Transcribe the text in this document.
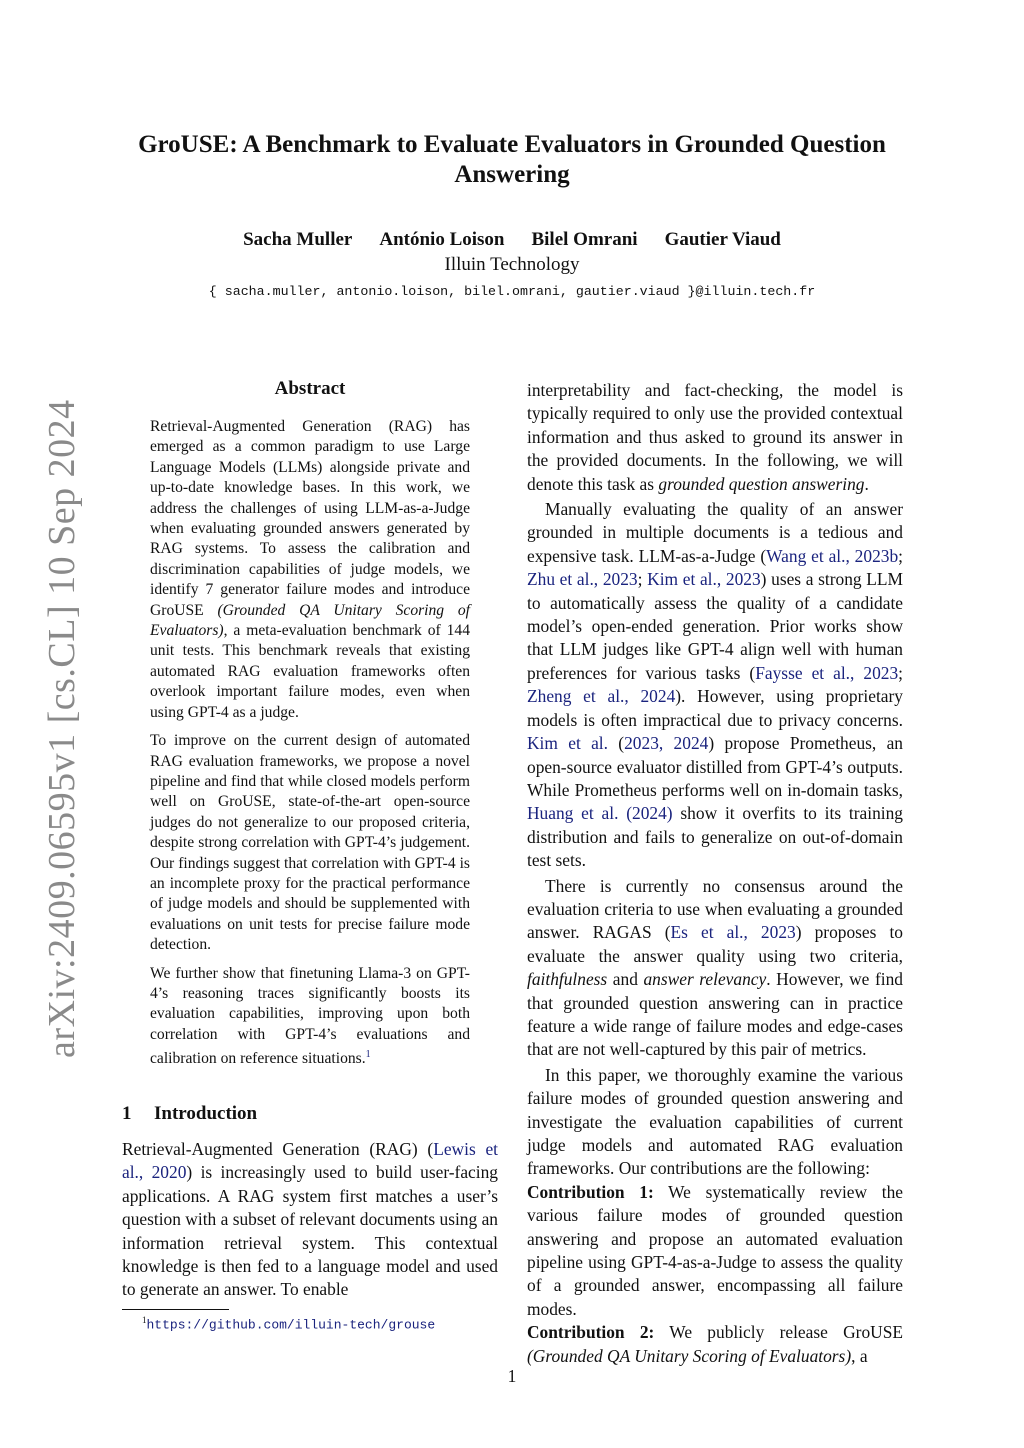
arXiv:2409.06595v1 [cs.CL] 10 Sep 2024
GroUSE: A Benchmark to Evaluate Evaluators in Grounded Question Answering
Sacha Muller António Loison Bilel Omrani Gautier Viaud
Illuin Technology
{ sacha.muller, antonio.loison, bilel.omrani, gautier.viaud }@illuin.tech.fr
Abstract

Retrieval-Augmented Generation (RAG) has emerged as a common paradigm to use Large Language Models (LLMs) alongside private and up-to-date knowledge bases. In this work, we address the challenges of using LLM-as-a-Judge when evaluating grounded answers generated by RAG systems. To assess the calibration and discrimination capabilities of judge models, we identify 7 generator failure modes and introduce GroUSE (Grounded QA Unitary Scoring of Evaluators), a meta-evaluation benchmark of 144 unit tests. This benchmark reveals that existing automated RAG evaluation frameworks often overlook important failure modes, even when using GPT-4 as a judge.

To improve on the current design of automated RAG evaluation frameworks, we propose a novel pipeline and find that while closed models perform well on GroUSE, state-of-the-art open-source judges do not generalize to our proposed criteria, despite strong correlation with GPT-4’s judgement. Our findings suggest that correlation with GPT-4 is an incomplete proxy for the practical performance of judge models and should be supplemented with evaluations on unit tests for precise failure mode detection.

We further show that finetuning Llama-3 on GPT-4’s reasoning traces significantly boosts its evaluation capabilities, improving upon both correlation with GPT-4’s evaluations and calibration on reference situations.$^1$

1 Introduction
Retrieval-Augmented Generation (RAG) (Lewis et al., 2020) is increasingly used to build user-facing applications. A RAG system first matches a user’s question with a subset of relevant documents using an information retrieval system. This contextual knowledge is then fed to a language model and used to generate an answer. To enable

interpretability and fact-checking, the model is typically required to only use the provided contextual information and thus asked to ground its answer in the provided documents. In the following, we will denote this task as grounded question answering.

Manually evaluating the quality of an answer grounded in multiple documents is a tedious and expensive task. LLM-as-a-Judge (Wang et al., 2023b; Zhu et al., 2023; Kim et al., 2023) uses a strong LLM to automatically assess the quality of a candidate model’s open-ended generation. Prior works show that LLM judges like GPT-4 align well with human preferences for various tasks (Faysse et al., 2023; Zheng et al., 2024). However, using proprietary models is often impractical due to privacy concerns. Kim et al. (2023, 2024) propose Prometheus, an open-source evaluator distilled from GPT-4’s outputs. While Prometheus performs well on in-domain tasks, Huang et al. (2024) show it overfits to its training distribution and fails to generalize on out-of-domain test sets.

There is currently no consensus around the evaluation criteria to use when evaluating a grounded answer. RAGAS (Es et al., 2023) proposes to evaluate the answer quality using two criteria, faithfulness and answer relevancy. However, we find that grounded question answering can in practice feature a wide range of failure modes and edge-cases that are not well-captured by this pair of metrics.

In this paper, we thoroughly examine the various failure modes of grounded question answering and investigate the evaluation capabilities of current judge models and automated RAG evaluation frameworks. Our contributions are the following:

Contribution 1: We systematically review the various failure modes of grounded question answering and propose an automated evaluation pipeline using GPT-4-as-a-Judge to assess the quality of a grounded answer, encompassing all failure modes.

Contribution 2: We publicly release GroUSE (Grounded QA Unitary Scoring of Evaluators), a

$^1$https://github.com/illuin-tech/grouse
1
